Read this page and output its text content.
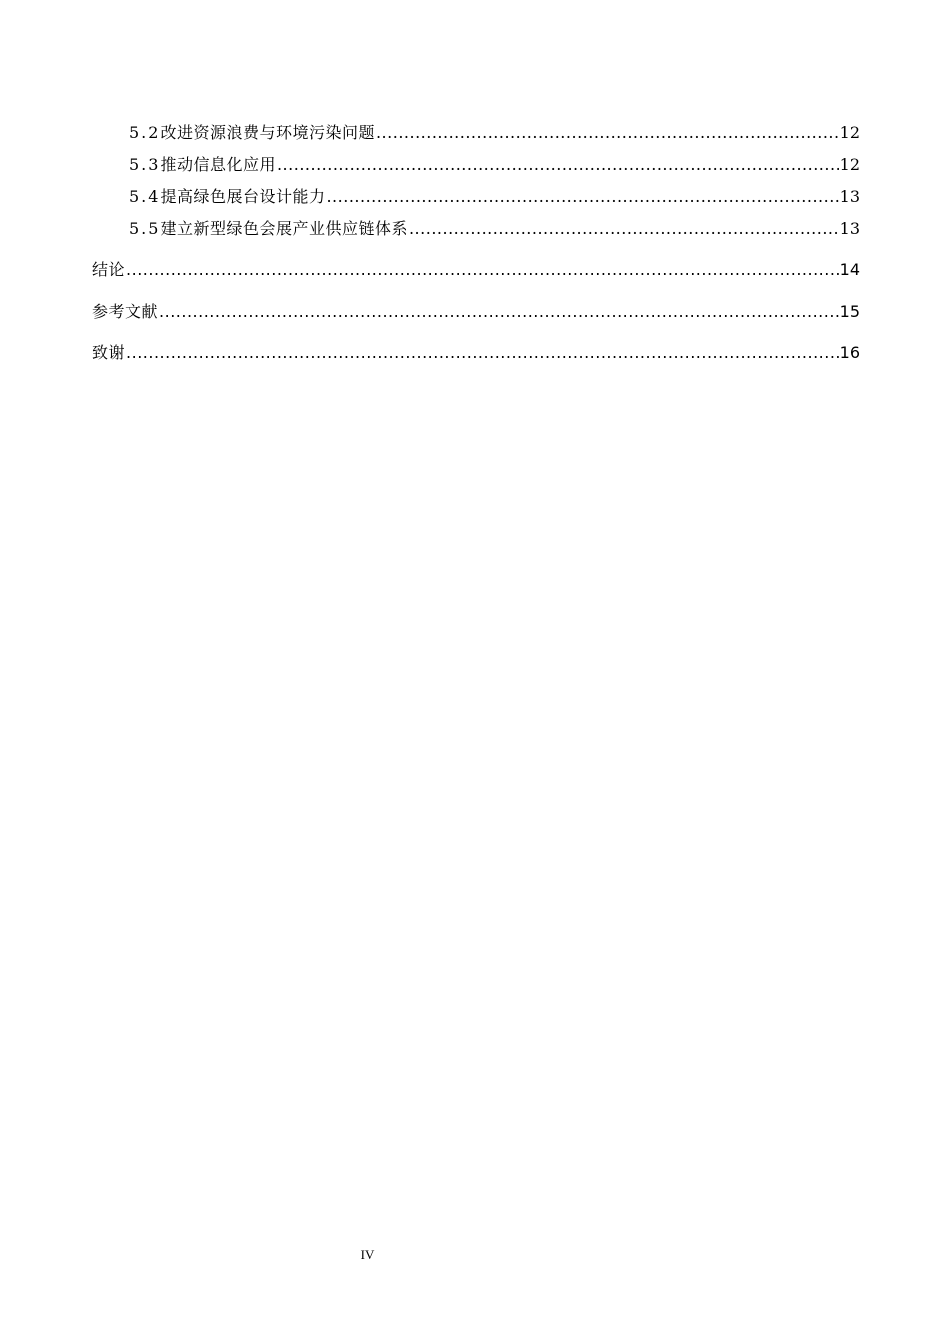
5.2 改进资源浪费与环境污染问题 .....	12
5.3 推动信息化应用 .....	12
5.4 提高绿色展台设计能力 .....	13
5.5 建立新型绿色会展产业供应链体系 .....	13
结论 .....	14
参考文献 .....	15
致谢 .....	16
IV
